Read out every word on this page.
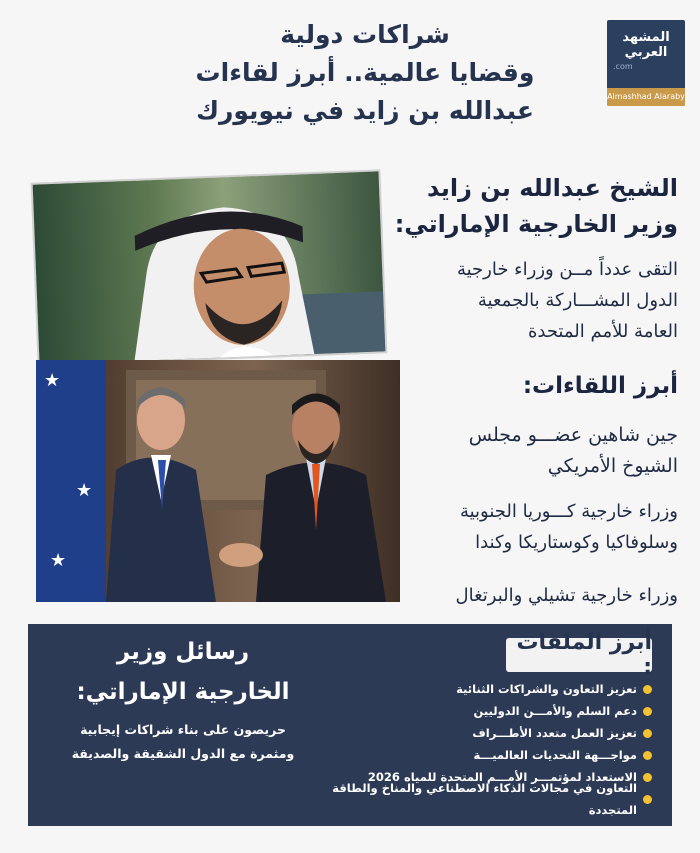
المشهد
العربي
.com
Almashhad Alaraby
شراكات دولية
وقضايا عالمية.. أبرز لقاءات
عبدالله بن زايد في نيويورك
★
★
★
الشيخ عبدالله بن زايد
وزير الخارجية الإماراتي:
التقى عدداً مــن وزراء خارجية
الدول المشـــاركة بالجمعية
العامة للأمم المتحدة
أبرز اللقاءات:
جين شاهين عضـــو مجلس
الشيوخ الأمريكي
وزراء خارجية كـــوريا الجنوبية
وسلوفاكيا وكوستاريكا وكندا
وزراء خارجية تشيلي والبرتغال
أبرز الملفات :
تعزيز التعاون والشراكات الثنائية
دعم السلم والأمـــن الدوليين
تعزيز العمل متعدد الأطـــراف
مواجـــهة التحديات العالميـــة
الاستعداد لمؤتمـــر الأمـــم المتحدة للمياه 2026
التعاون في مجالات الذكاء الاصطناعي والمناخ والطاقة المتجددة
رسائل وزير
الخارجية الإماراتي:
حريصون على بناء شراكات إيجابية
ومثمرة مع الدول الشقيقة والصديقة
